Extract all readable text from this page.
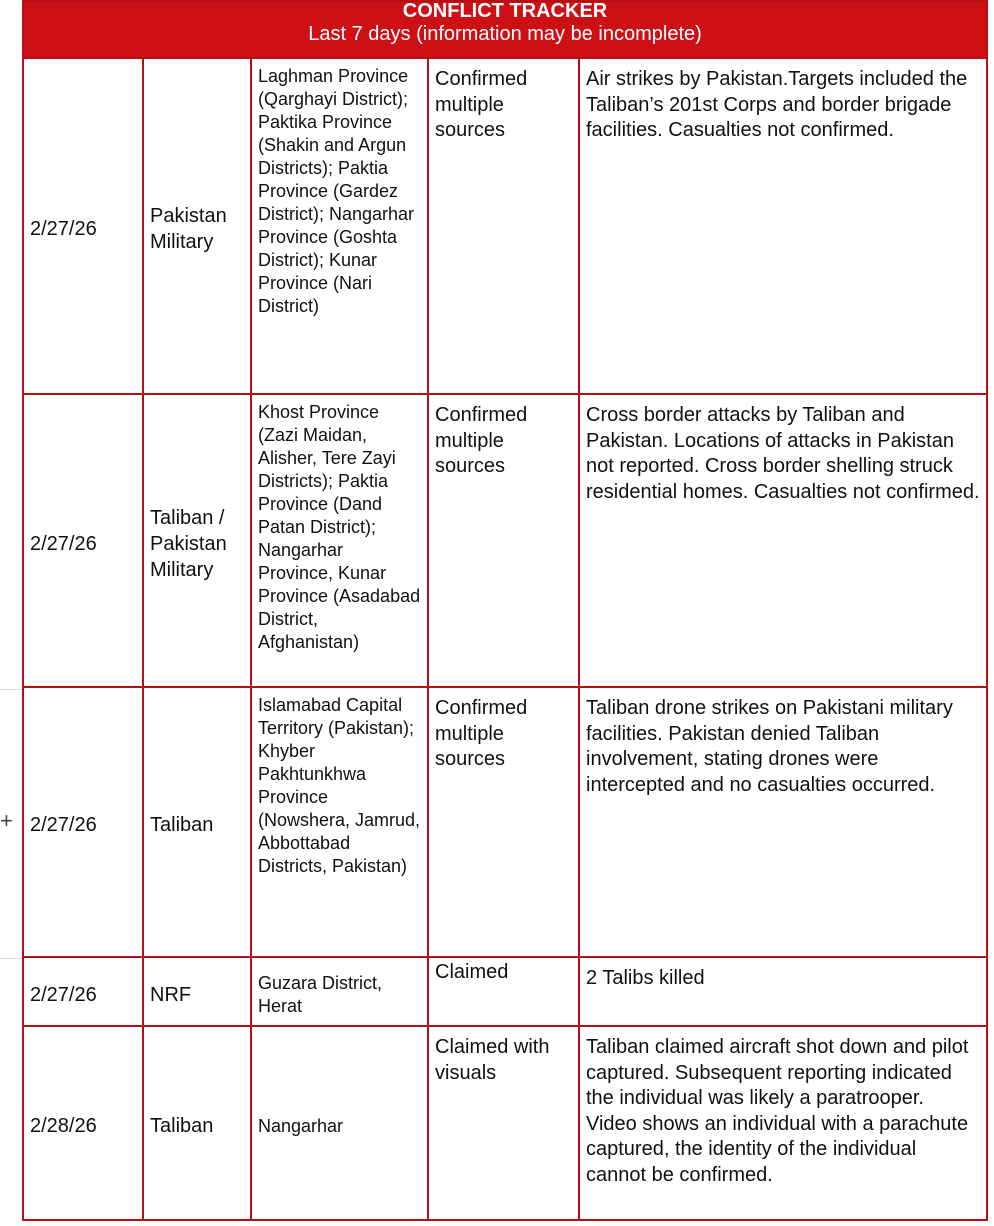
+
CONFLICT TRACKER
Last 7 days (information may be incomplete)				

2/27/26	Pakistan Military	Laghman Province (Qarghayi District); Paktika Province (Shakin and Argun Districts); Paktia Province (Gardez District); Nangarhar Province (Goshta District); Kunar Province (Nari District)	Confirmed multiple sources	Air strikes by Pakistan.Targets included the Taliban’s 201st Corps and border brigade facilities. Casualties not confirmed.
2/27/26	Taliban / Pakistan Military	Khost Province (Zazi Maidan, Alisher, Tere Zayi Districts); Paktia Province (Dand Patan District); Nangarhar Province, Kunar Province (Asadabad District, Afghanistan)	Confirmed multiple sources	Cross border attacks by Taliban and Pakistan. Locations of attacks in Pakistan not reported. Cross border shelling struck residential homes. Casualties not confirmed.
2/27/26	Taliban	Islamabad Capital Territory (Pakistan); Khyber Pakhtunkhwa Province (Nowshera, Jamrud, Abbottabad Districts, Pakistan)	Confirmed multiple sources	Taliban drone strikes on Pakistani military facilities. Pakistan denied Taliban involvement, stating drones were intercepted and no casualties occurred.
2/27/26	NRF	Guzara District, Herat	Claimed	2 Talibs killed
2/28/26	Taliban	Nangarhar	Claimed with visuals	Taliban claimed aircraft shot down and pilot captured. Subsequent reporting indicated the individual was likely a paratrooper. Video shows an individual with a parachute captured, the identity of the individual cannot be confirmed.
